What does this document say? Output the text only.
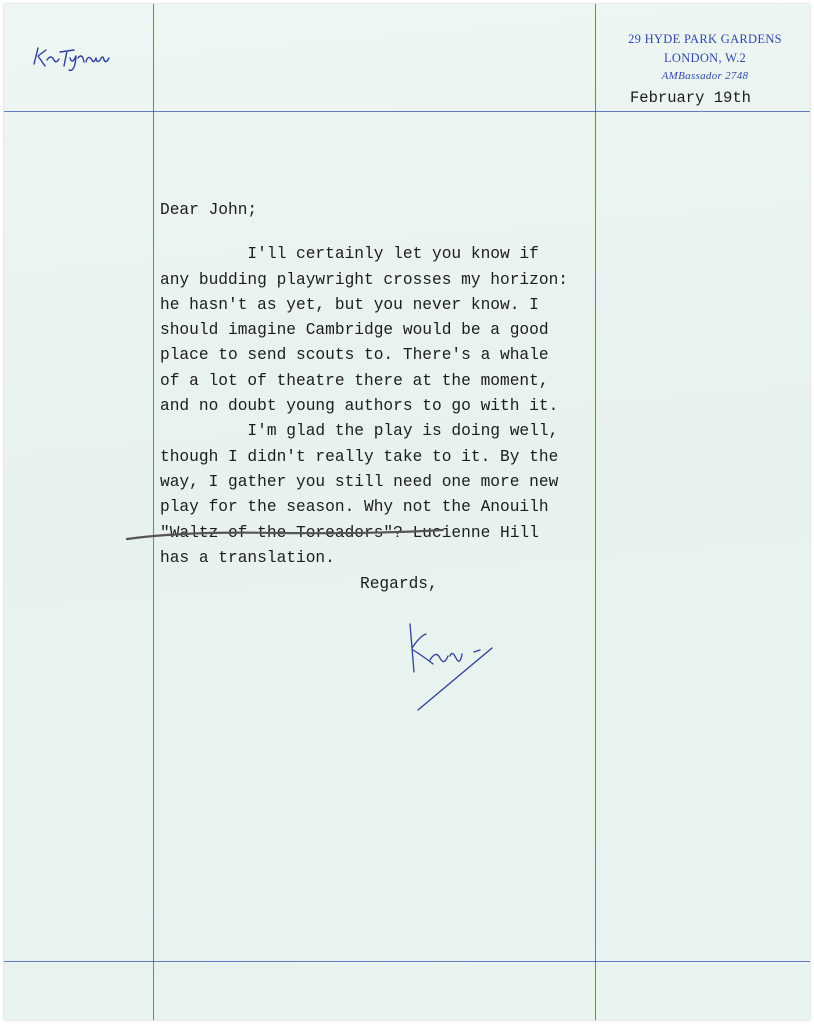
29 HYDE PARK GARDENS
LONDON, W.2
AMBassador 2748
February 19th
Dear John;
I'll certainly let you know if
any budding playwright crosses my horizon:
he hasn't as yet, but you never know. I
should imagine Cambridge would be a good
place to send scouts to. There's a whale
of a lot of theatre there at the moment,
and no doubt young authors to go with it.
I'm glad the play is doing well,
though I didn't really take to it. By the
way, I gather you still need one more new
play for the season. Why not the Anouilh
"Waltz of the Toreadors"? Lucienne Hill
has a translation.
Regards,
